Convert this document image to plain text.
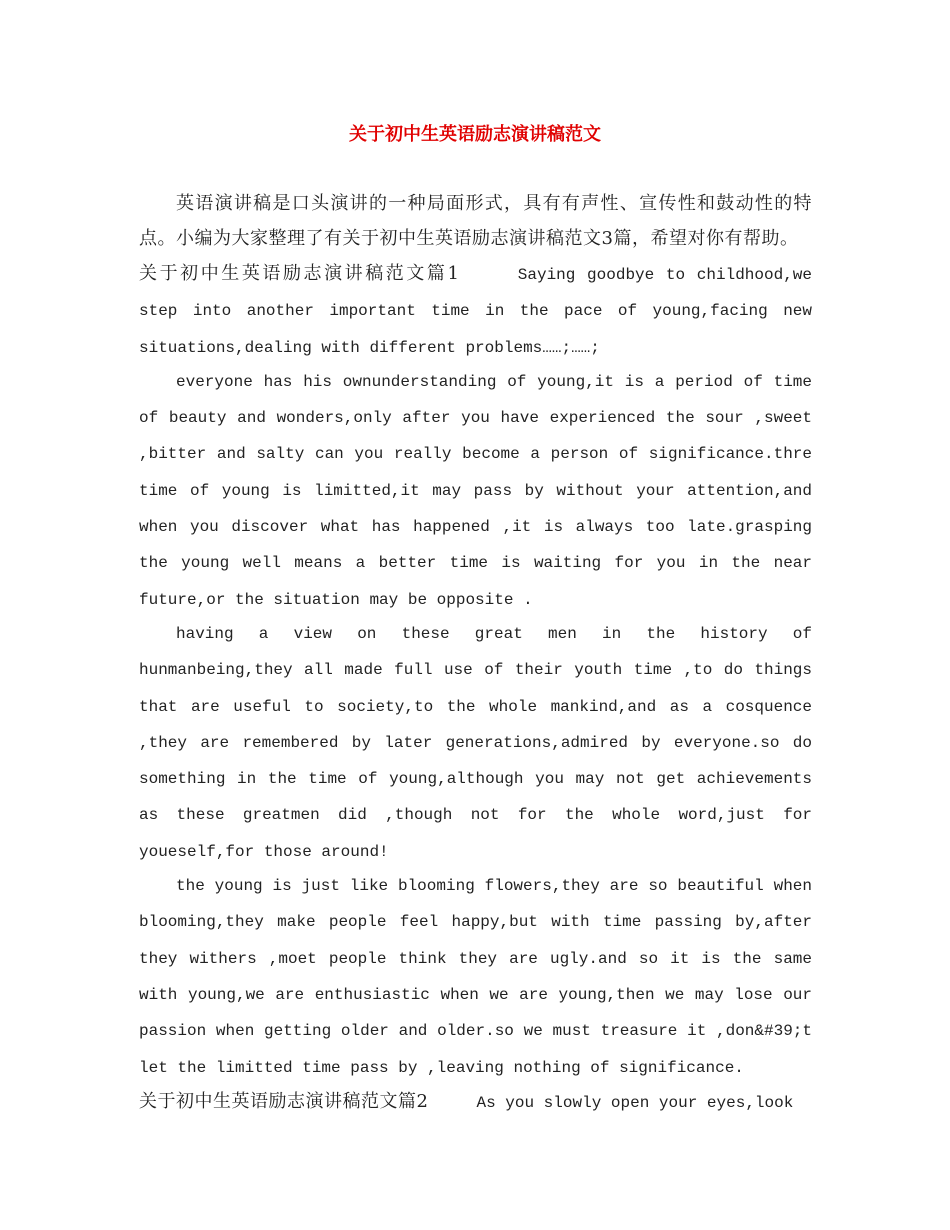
关于初中生英语励志演讲稿范文

英语演讲稿是口头演讲的一种局面形式，具有有声性、宣传性和鼓动性的特点。小编为大家整理了有关于初中生英语励志演讲稿范文3篇，希望对你有帮助。

关于初中生英语励志演讲稿范文篇1	Saying goodbye to childhood,we step into another important time in the pace of young,facing new situations,dealing with different problems……;……;

everyone has his ownunderstanding of young,it is a period of time of beauty and wonders,only after you have experienced the sour ,sweet ,bitter and salty can you really become a person of significance.thre time of young is limitted,it may pass by without your attention,and when you discover what has happened ,it is always too late.grasping the young well means a better time is waiting for you in the near future,or the situation may be opposite .

having a view on these great men in the history of hunmanbeing,they all made full use of their youth time ,to do things that are useful to society,to the whole mankind,and as a cosquence ,they are remembered by later generations,admired by everyone.so do something in the time of young,although you may not get achievements as these greatmen did ,though not for the whole word,just for youeself,for those around!

the young is just like blooming flowers,they are so beautiful when blooming,they make people feel happy,but with time passing by,after they withers ,moet people think they are ugly.and so it is the same with young,we are enthusiastic when we are young,then we may lose our passion when getting older and older.so we must treasure it ,don&#39;t let the limitted time pass by ,leaving nothing of significance.

关于初中生英语励志演讲稿范文篇2	As you slowly open your eyes,look
